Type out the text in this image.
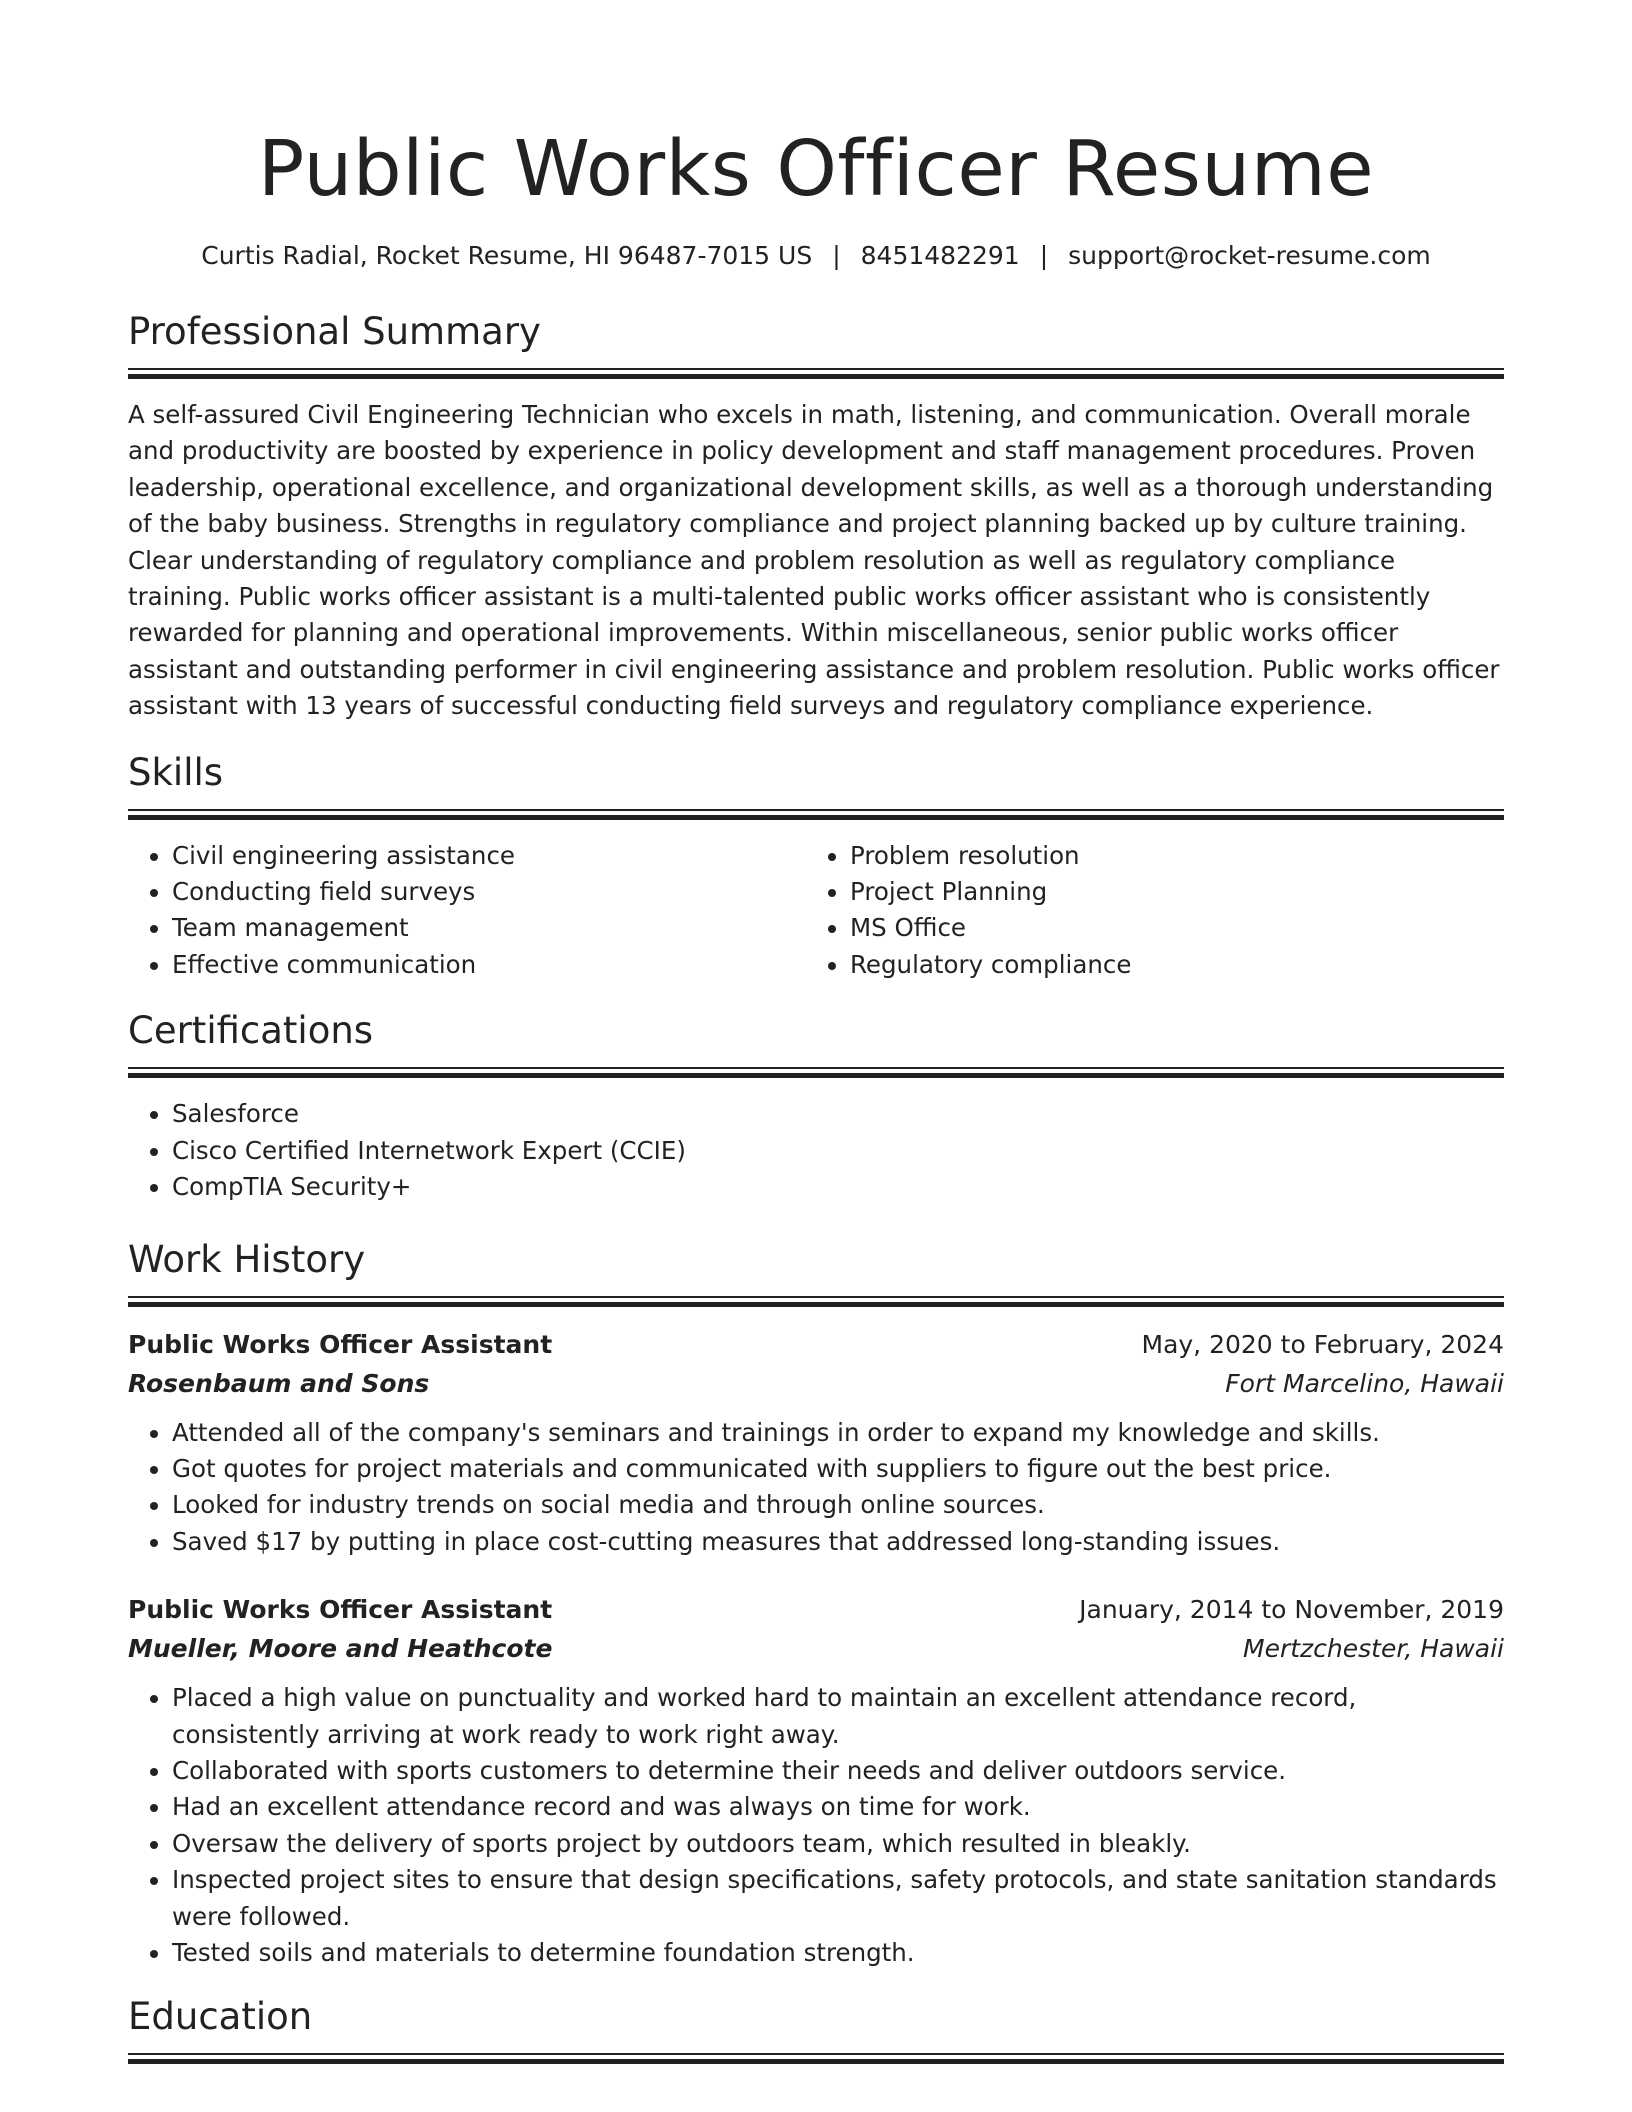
Public Works Officer Resume
Curtis Radial, Rocket Resume, HI 96487-7015 US | 8451482291 | support@rocket-resume.com
Professional Summary

A self-assured Civil Engineering Technician who excels in math, listening, and communication. Overall morale and productivity are boosted by experience in policy development and staff management procedures. Proven leadership, operational excellence, and organizational development skills, as well as a thorough understanding of the baby business. Strengths in regulatory compliance and project planning backed up by culture training. Clear understanding of regulatory compliance and problem resolution as well as regulatory compliance training. Public works officer assistant is a multi-talented public works officer assistant who is consistently rewarded for planning and operational improvements. Within miscellaneous, senior public works officer assistant and outstanding performer in civil engineering assistance and problem resolution. Public works officer assistant with 13 years of successful conducting field surveys and regulatory compliance experience.

Skills
• Civil engineering assistance
• Conducting field surveys
• Team management
• Effective communication
• Problem resolution
• Project Planning
• MS Office
• Regulatory compliance
Certifications
• Salesforce
• Cisco Certified Internetwork Expert (CCIE)
• CompTIA Security+
Work History
Public Works Officer Assistant	May, 2020 to February, 2024
Rosenbaum and Sons	Fort Marcelino, Hawaii
• Attended all of the company's seminars and trainings in order to expand my knowledge and skills.
• Got quotes for project materials and communicated with suppliers to figure out the best price.
• Looked for industry trends on social media and through online sources.
• Saved $17 by putting in place cost-cutting measures that addressed long-standing issues.
Public Works Officer Assistant	January, 2014 to November, 2019
Mueller, Moore and Heathcote	Mertzchester, Hawaii
• Placed a high value on punctuality and worked hard to maintain an excellent attendance record, consistently arriving at work ready to work right away.
• Collaborated with sports customers to determine their needs and deliver outdoors service.
• Had an excellent attendance record and was always on time for work.
• Oversaw the delivery of sports project by outdoors team, which resulted in bleakly.
• Inspected project sites to ensure that design specifications, safety protocols, and state sanitation standards were followed.
• Tested soils and materials to determine foundation strength.
Education
